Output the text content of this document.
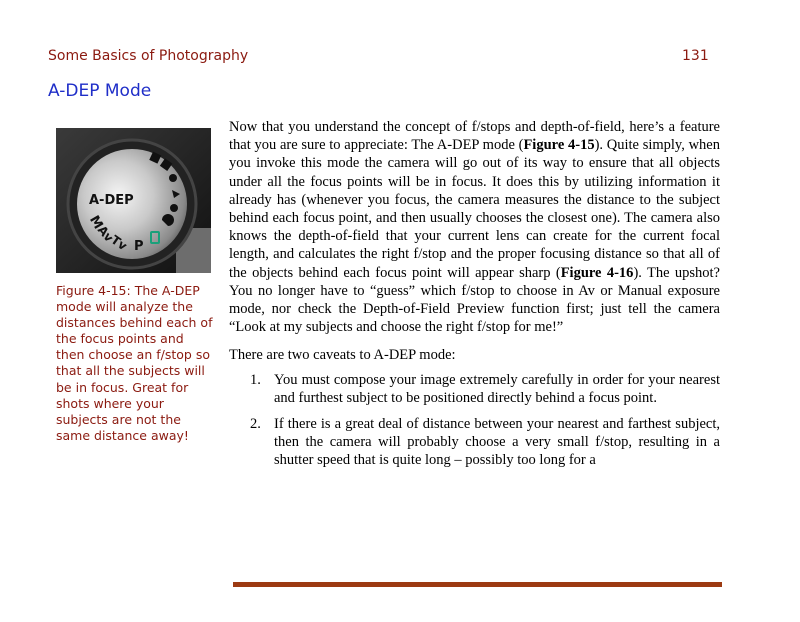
Some Basics of Photography	131
A-DEP Mode
A-DEP
M
Av
Tv P

Figure 4-15: The A-DEP mode will analyze the distances behind each of the focus points and then choose an f/stop so that all the subjects will be in focus. Great for shots where your subjects are not the same distance away!

Now that you understand the concept of f/stops and depth-of-field, here’s a feature that you are sure to appreciate: The A-DEP mode (Figure 4-15). Quite simply, when you invoke this mode the camera will go out of its way to ensure that all objects under all the focus points will be in focus. It does this by utilizing information it already has (whenever you focus, the camera measures the distance to the subject behind each focus point, and then usually chooses the closest one). The camera also knows the depth-of-field that your current lens can create for the current focal length, and calculates the right f/stop and the proper focusing distance so that all of the objects behind each focus point will appear sharp (Figure 4-16). The upshot? You no longer have to “guess” which f/stop to choose in Av or Manual exposure mode, nor check the Depth-of-Field Preview function first; just tell the camera “Look at my subjects and choose the right f/stop for me!”

There are two caveats to A-DEP mode:

1. You must compose your image extremely carefully in order for your nearest and furthest subject to be positioned directly behind a focus point.
2. If there is a great deal of distance between your nearest and farthest subject, then the camera will probably choose a very small f/stop, resulting in a shutter speed that is quite long – possibly too long for a
